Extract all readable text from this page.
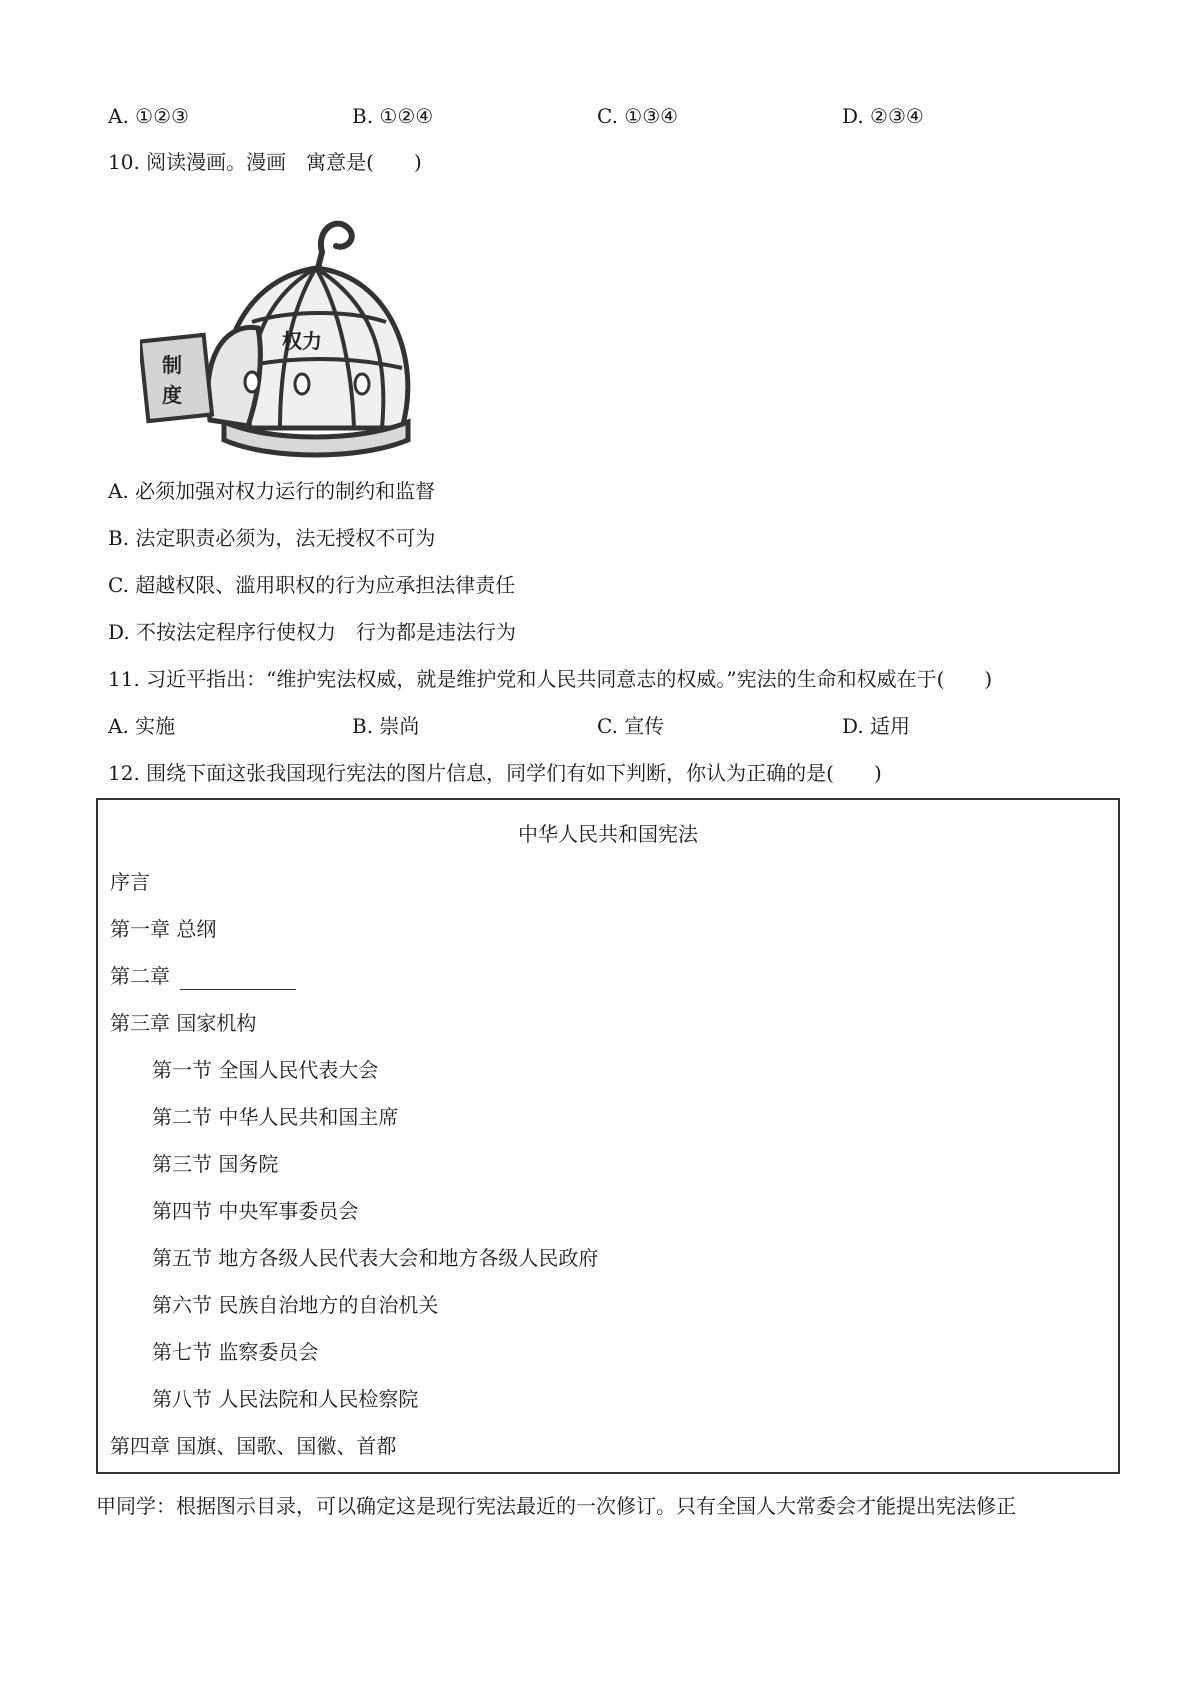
A. ①②③	B. ①②④	C. ①③④	D. ②③④
10. 阅读漫画。漫画　寓意是(　　)
制
度
权力
A. 必须加强对权力运行的制约和监督
B. 法定职责必须为，法无授权不可为
C. 超越权限、滥用职权的行为应承担法律责任
D. 不按法定程序行使权力　行为都是违法行为
11. 习近平指出：“维护宪法权威，就是维护党和人民共同意志的权威。”宪法的生命和权威在于(　　)
A. 实施	B. 崇尚	C. 宣传	D. 适用
12. 围绕下面这张我国现行宪法的图片信息，同学们有如下判断，你认为正确的是(　　)
中华人民共和国宪法
序言
第一章 总纲
第二章
第三章 国家机构
第一节 全国人民代表大会
第二节 中华人民共和国主席
第三节 国务院
第四节 中央军事委员会
第五节 地方各级人民代表大会和地方各级人民政府
第六节 民族自治地方的自治机关
第七节 监察委员会
第八节 人民法院和人民检察院
第四章 国旗、国歌、国徽、首都
甲同学：根据图示目录，可以确定这是现行宪法最近的一次修订。只有全国人大常委会才能提出宪法修正
